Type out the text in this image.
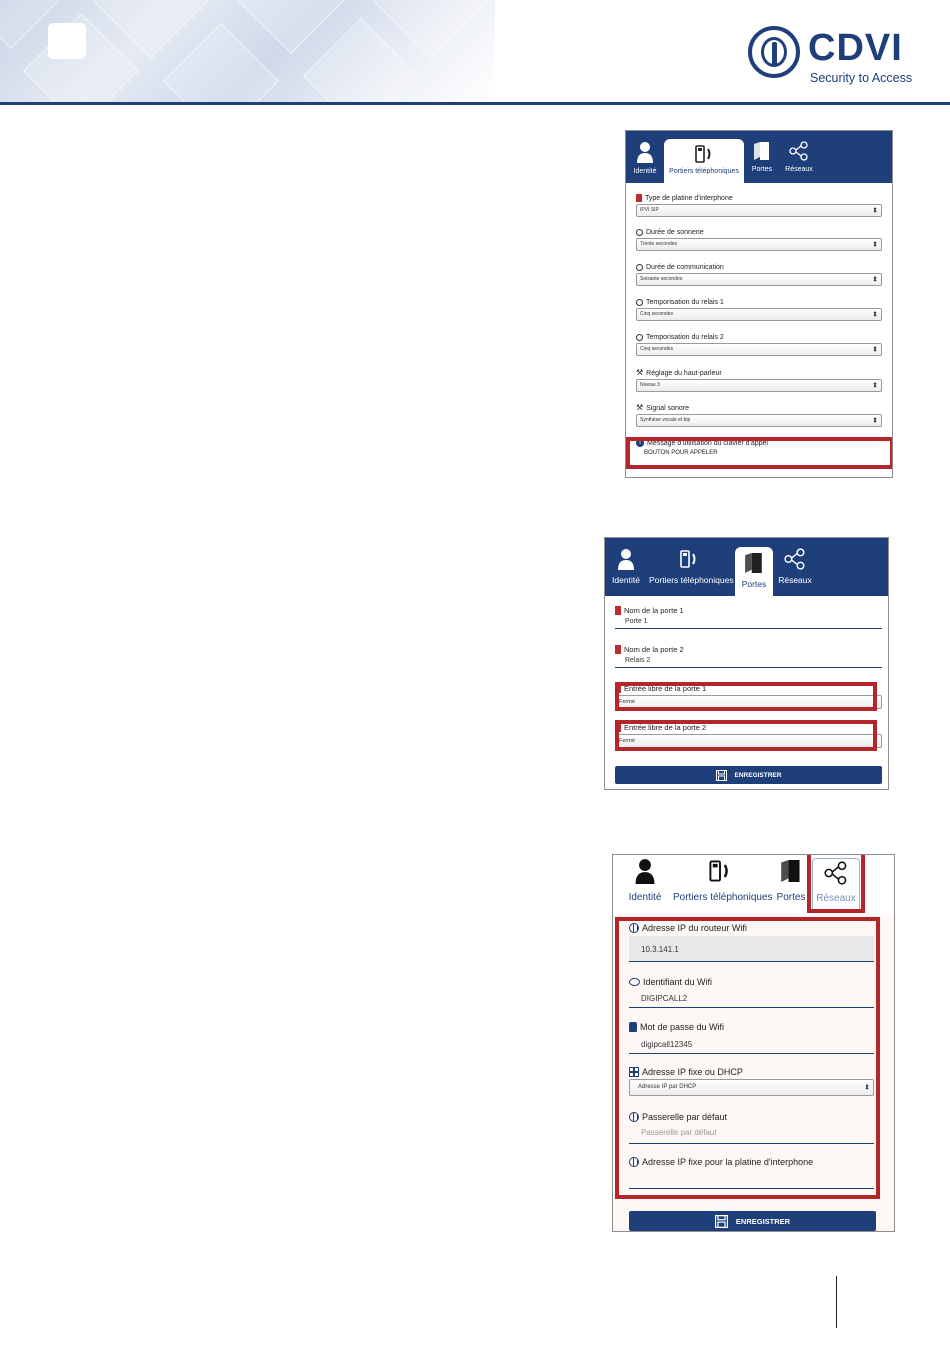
CDVI
Security to Access
Identité	Portiers téléphoniques	Portes	Réseaux
Type de platine d'interphone
IPVI SIP	⬍
Durée de sonnerie
Trente secondes	⬍
Durée de communication
Soixante secondes	⬍
Temporisation du relais 1
Cinq secondes	⬍
Temporisation du relais 2
Cinq secondes	⬍
⚒ Réglage du haut-parleur
Niveau 3	⬍
⚒ Signal sonore
Synthèse vocale et bip	⬍
i Message d'utilisation du clavier d'appel
BOUTON POUR APPELER
Identité	Portiers téléphoniques Portes	Réseaux
Nom de la porte 1
Porte 1
Nom de la porte 2
Relais 2
Entrée libre de la porte 1
Fermé	⬍
Entrée libre de la porte 2
Fermé	⬍
ENREGISTRER
Identité Portiers téléphoniques Portes	Réseaux
Adresse IP du routeur Wifi
10.3.141.1
Identifiant du Wifi
DIGIPCALL2
Mot de passe du Wifi
digipcall12345
Adresse IP fixe ou DHCP
Adresse IP par DHCP	⬍
Passerelle par défaut
Passerelle par défaut
Adresse IP fixe pour la platine d'interphone
ENREGISTRER
